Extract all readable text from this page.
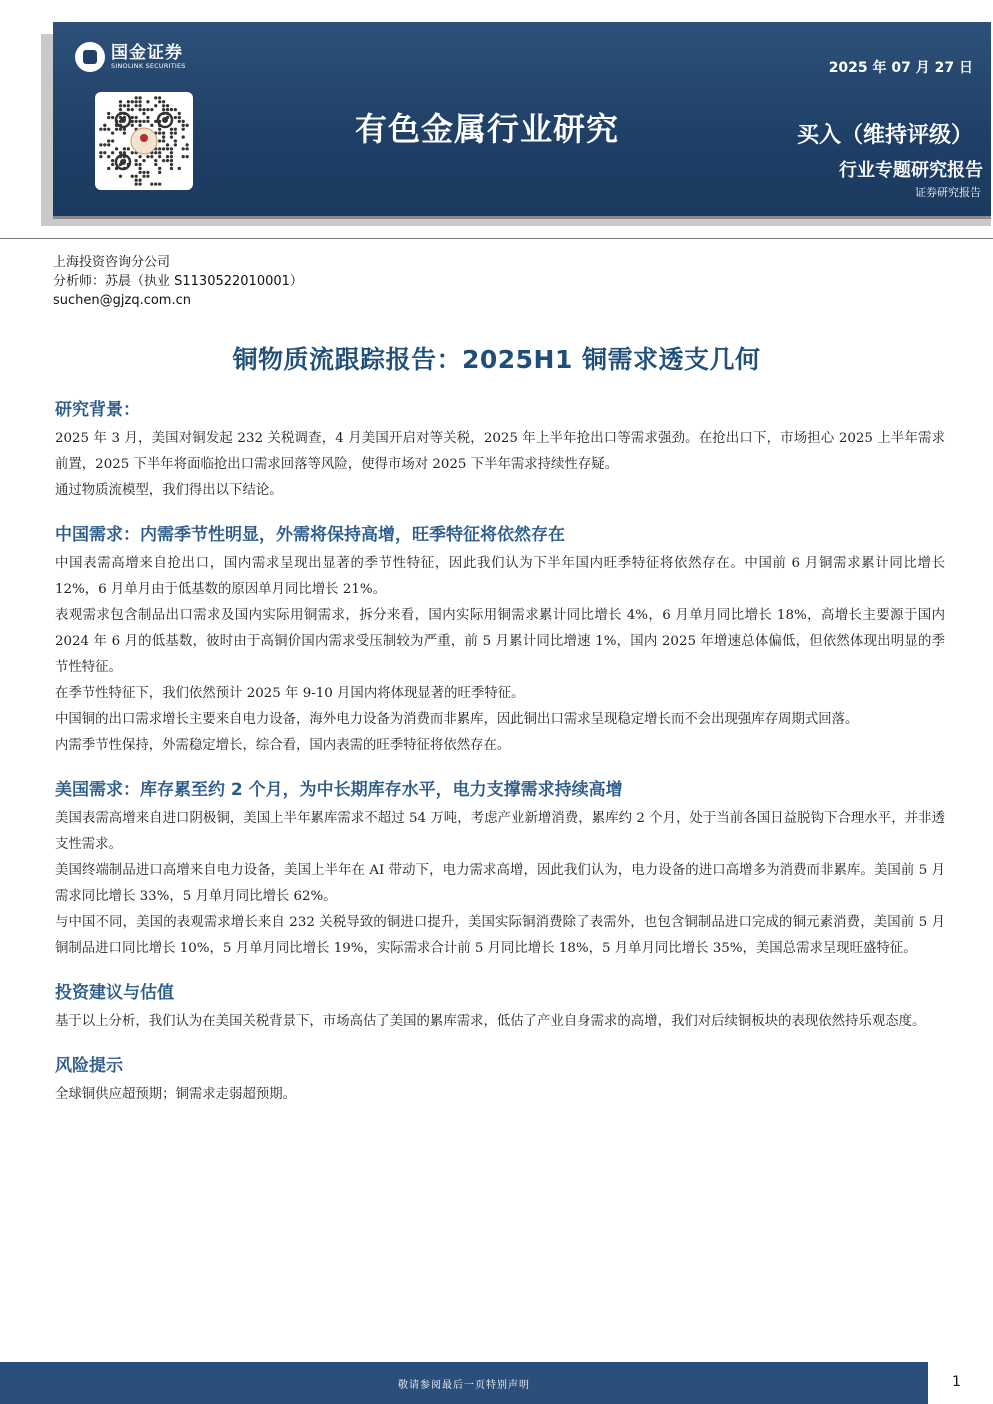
国金证券
SINOLINK SECURITIES
有色金属行业研究
2025 年 07 月 27 日
买入（维持评级）
行业专题研究报告
证券研究报告
上海投资咨询分公司
分析师：苏晨（执业 S1130522010001）
suchen@gjzq.com.cn
铜物质流跟踪报告：2025H1 铜需求透支几何
研究背景：

2025 年 3 月，美国对铜发起 232 关税调查，4 月美国开启对等关税，2025 年上半年抢出口等需求强劲。在抢出口下，市场担心 2025 上半年需求前置，2025 下半年将面临抢出口需求回落等风险，使得市场对 2025 下半年需求持续性存疑。

通过物质流模型，我们得出以下结论。

中国需求：内需季节性明显，外需将保持高增，旺季特征将依然存在

中国表需高增来自抢出口，国内需求呈现出显著的季节性特征，因此我们认为下半年国内旺季特征将依然存在。中国前 6 月铜需求累计同比增长 12%，6 月单月由于低基数的原因单月同比增长 21%。

表观需求包含制品出口需求及国内实际用铜需求，拆分来看，国内实际用铜需求累计同比增长 4%，6 月单月同比增长 18%，高增长主要源于国内 2024 年 6 月的低基数，彼时由于高铜价国内需求受压制较为严重，前 5 月累计同比增速 1%，国内 2025 年增速总体偏低，但依然体现出明显的季节性特征。

在季节性特征下，我们依然预计 2025 年 9-10 月国内将体现显著的旺季特征。

中国铜的出口需求增长主要来自电力设备，海外电力设备为消费而非累库，因此铜出口需求呈现稳定增长而不会出现强库存周期式回落。

内需季节性保持，外需稳定增长，综合看，国内表需的旺季特征将依然存在。

美国需求：库存累至约 2 个月，为中长期库存水平，电力支撑需求持续高增

美国表需高增来自进口阴极铜，美国上半年累库需求不超过 54 万吨，考虑产业新增消费，累库约 2 个月，处于当前各国日益脱钩下合理水平，并非透支性需求。

美国终端制品进口高增来自电力设备，美国上半年在 AI 带动下，电力需求高增，因此我们认为，电力设备的进口高增多为消费而非累库。美国前 5 月需求同比增长 33%，5 月单月同比增长 62%。

与中国不同，美国的表观需求增长来自 232 关税导致的铜进口提升，美国实际铜消费除了表需外，也包含铜制品进口完成的铜元素消费，美国前 5 月铜制品进口同比增长 10%，5 月单月同比增长 19%，实际需求合计前 5 月同比增长 18%，5 月单月同比增长 35%，美国总需求呈现旺盛特征。

投资建议与估值

基于以上分析，我们认为在美国关税背景下，市场高估了美国的累库需求，低估了产业自身需求的高增，我们对后续铜板块的表现依然持乐观态度。

风险提示

全球铜供应超预期；铜需求走弱超预期。

敬请参阅最后一页特别声明	1
